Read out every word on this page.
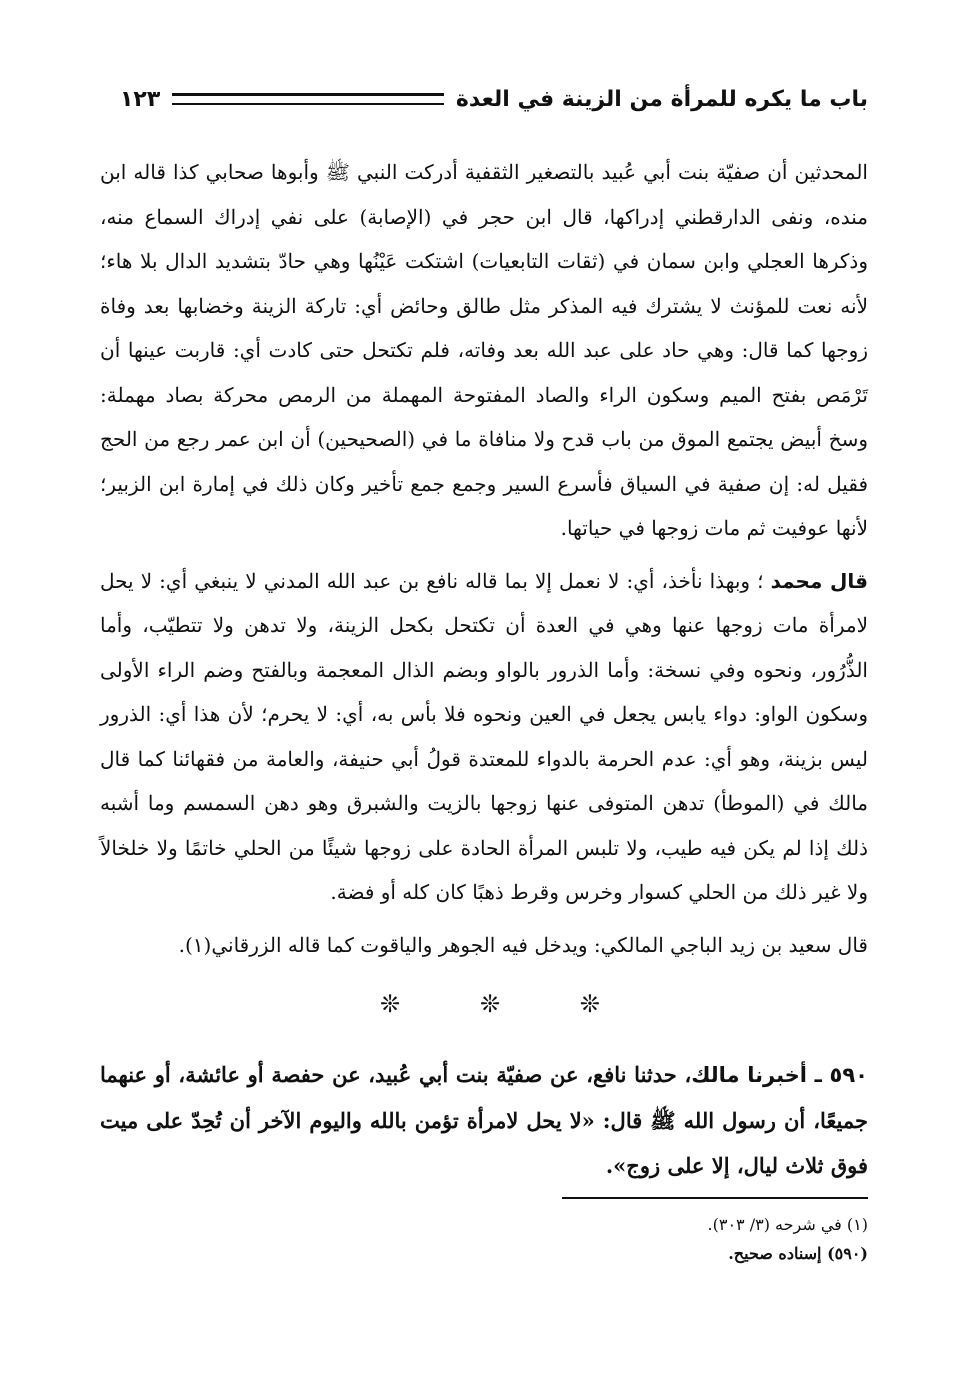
باب ما يكره للمرأة من الزينة في العدة
١٢٣

المحدثين أن صفيّة بنت أبي عُبيد بالتصغير الثقفية أدركت النبي ﷺ وأبوها صحابي كذا قاله ابن منده، ونفى الدارقطني إدراكها، قال ابن حجر في (الإصابة) على نفي إدراك السماع منه، وذكرها العجلي وابن سمان في (ثقات التابعيات) اشتكت عَيْنُها وهي حادّ بتشديد الدال بلا هاء؛ لأنه نعت للمؤنث لا يشترك فيه المذكر مثل طالق وحائض أي: تاركة الزينة وخضابها بعد وفاة زوجها كما قال: وهي حاد على عبد الله بعد وفاته، فلم تكتحل حتى كادت أي: قاربت عينها أن تَرْمَص بفتح الميم وسكون الراء والصاد المفتوحة المهملة من الرمص محركة بصاد مهملة: وسخ أبيض يجتمع الموق من باب قدح ولا منافاة ما في (الصحيحين) أن ابن عمر رجع من الحج فقيل له: إن صفية في السياق فأسرع السير وجمع جمع تأخير وكان ذلك في إمارة ابن الزبير؛ لأنها عوفيت ثم مات زوجها في حياتها.

قال محمد ؛ وبهذا نأخذ، أي: لا نعمل إلا بما قاله نافع بن عبد الله المدني لا ينبغي أي: لا يحل لامرأة مات زوجها عنها وهي في العدة أن تكتحل بكحل الزينة، ولا تدهن ولا تتطيّب، وأما الذُّرُور، ونحوه وفي نسخة: وأما الذرور بالواو وبضم الذال المعجمة وبالفتح وضم الراء الأولى وسكون الواو: دواء يابس يجعل في العين ونحوه فلا بأس به، أي: لا يحرم؛ لأن هذا أي: الذرور ليس بزينة، وهو أي: عدم الحرمة بالدواء للمعتدة قولُ أبي حنيفة، والعامة من فقهائنا كما قال مالك في (الموطأ) تدهن المتوفى عنها زوجها بالزيت والشبرق وهو دهن السمسم وما أشبه ذلك إذا لم يكن فيه طيب، ولا تلبس المرأة الحادة على زوجها شيئًا من الحلي خاتمًا ولا خلخالاً ولا غير ذلك من الحلي كسوار وخرس وقرط ذهبًا كان كله أو فضة.

قال سعيد بن زيد الباجي المالكي: ويدخل فيه الجوهر والياقوت كما قاله الزرقاني(١).

❊	❊	❊

٥٩٠ ـ أخبرنا مالك، حدثنا نافع، عن صفيّة بنت أبي عُبيد، عن حفصة أو عائشة، أو عنهما جميعًا، أن رسول الله ﷺ قال: «لا يحل لامرأة تؤمن بالله واليوم الآخر أن تُحِدّ على ميت فوق ثلاث ليال، إلا على زوج».

(١) في شرحه (٣/ ٣٠٣).
(٥٩٠) إسناده صحيح.
